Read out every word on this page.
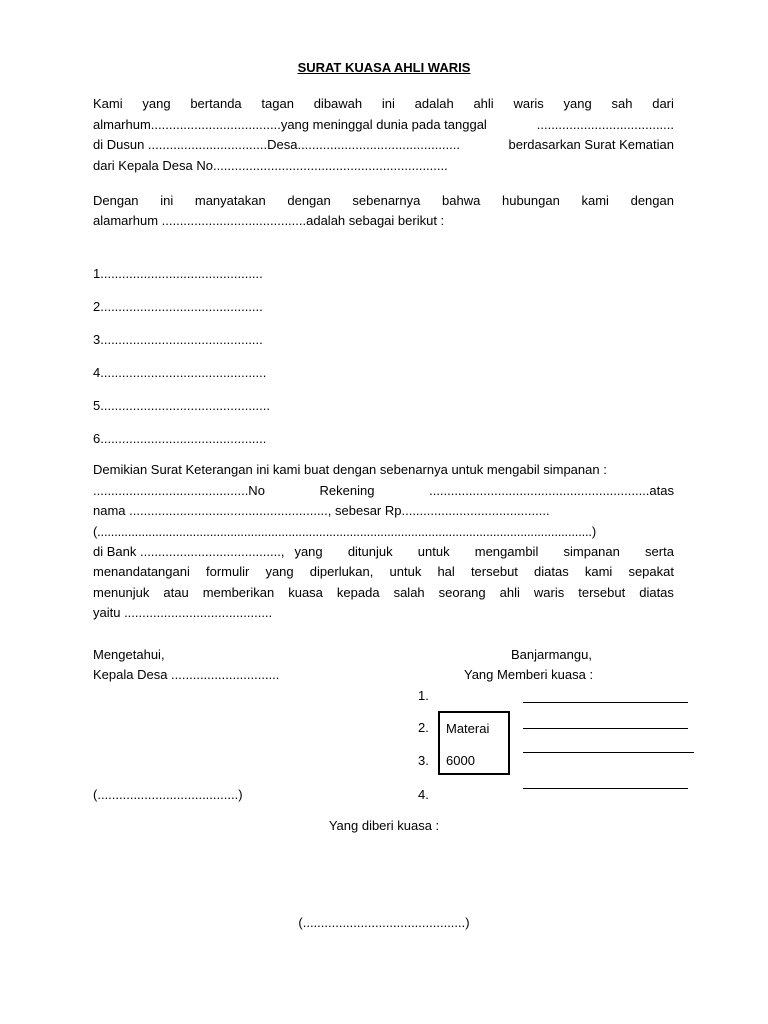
SURAT KUASA AHLI WARIS
Kami yang bertanda tagan dibawah ini adalah ahli waris yang sah dari
almarhum....................................yang meninggal dunia pada tanggal	......................................
di Dusun .................................Desa.............................................	berdasarkan Surat Kematian
dari Kepala Desa No.................................................................
Dengan ini manyatakan dengan sebenarnya bahwa hubungan kami dengan
alamarhum ........................................adalah sebagai berikut :
1.............................................
2.............................................
3.............................................
4..............................................
5...............................................
6..............................................
Demikian Surat Keterangan ini kami buat dengan sebenarnya untuk mengabil simpanan :
...........................................No	Rekening	.............................................................atas
nama ......................................................., sebesar Rp.........................................
(.................................................................................................................................................)
di Bank ......................................., yang ditunjuk untuk mengambil simpanan serta
menandatangani formulir yang diperlukan, untuk hal tersebut diatas kami sepakat
menunjuk atau memberikan kuasa kepada salah seorang ahli waris tersebut diatas
yaitu .........................................
Mengetahui,
Kepala Desa ..............................
(.......................................)
Banjarmangu,
Yang Memberi kuasa :
1.
2.
3.
4.
Materai
6000
Yang diberi kuasa :
(.............................................)
